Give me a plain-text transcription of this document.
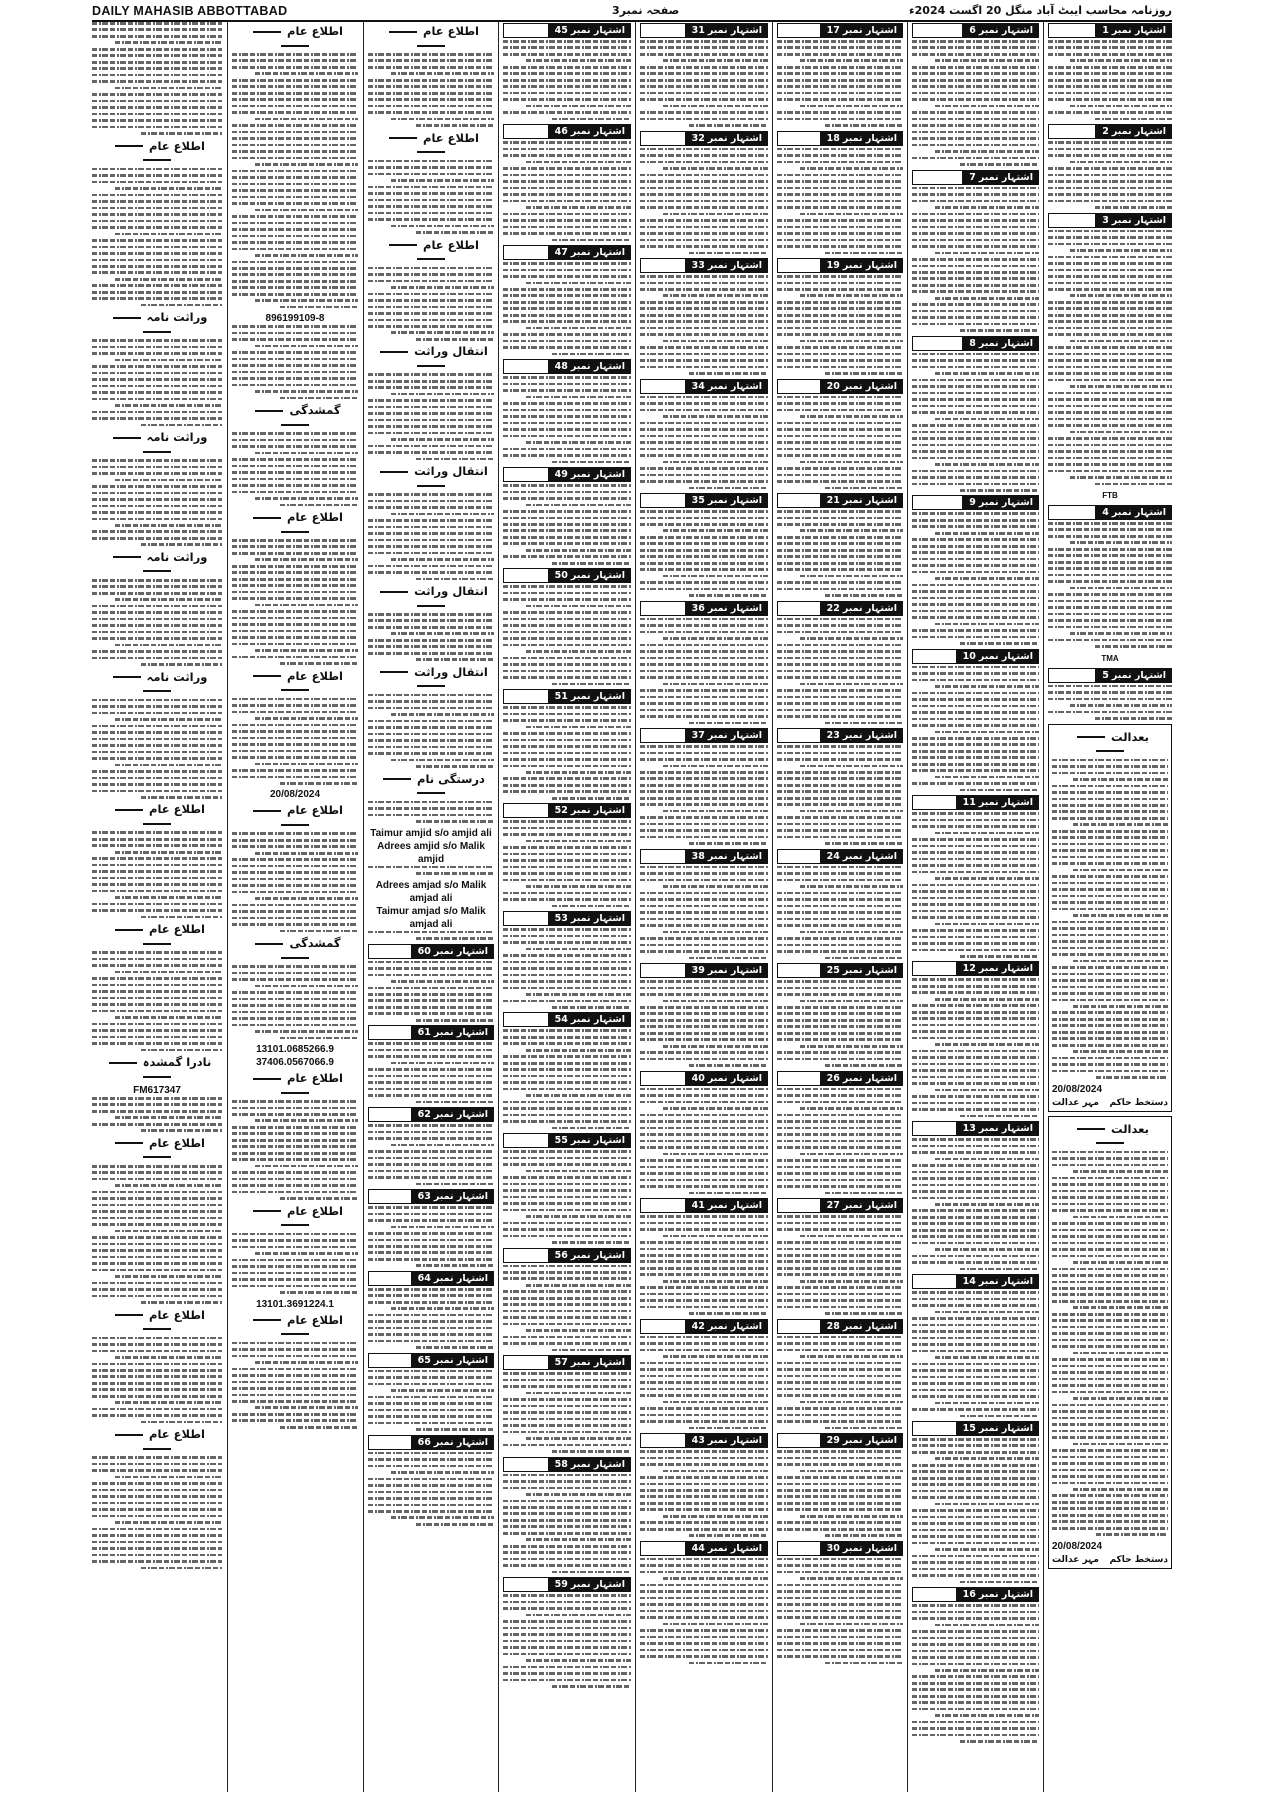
DAILY MAHASIB ABBOTTABAD	صفحہ نمبر3	روزنامہ محاسب ایبٹ آباد منگل 20 اگست 2024ء
اطلاع عام
وراثت نامہ
وراثت نامہ
وراثت نامہ
وراثت نامہ
اطلاع عام
اطلاع عام
نادرا گمشدہ
FM617347
اطلاع عام
اطلاع عام
اطلاع عام
اطلاع عام
896199109-8
گمشدگی
اطلاع عام
اطلاع عام
20/08/2024
اطلاع عام
گمشدگی
13101.0685266.9
37406.0567066.9
اطلاع عام
اطلاع عام
13101.3691224.1
اطلاع عام
اطلاع عام
اطلاع عام
اطلاع عام
انتقال وراثت
انتقال وراثت
انتقال وراثت
انتقال وراثت
درستگی نام
Taimur amjid s/o amjid ali
Adrees amjid s/o Malik amjid
Adrees amjad s/o Malik amjad ali
Taimur amjad s/o Malik amjad ali
60 اشتہار نمبر
61 اشتہار نمبر
62 اشتہار نمبر
63 اشتہار نمبر
64 اشتہار نمبر
65 اشتہار نمبر
66 اشتہار نمبر
45 اشتہار نمبر
46 اشتہار نمبر
47 اشتہار نمبر
48 اشتہار نمبر
49 اشتہار نمبر
50 اشتہار نمبر
51 اشتہار نمبر
52 اشتہار نمبر
53 اشتہار نمبر
54 اشتہار نمبر
55 اشتہار نمبر
56 اشتہار نمبر
57 اشتہار نمبر
58 اشتہار نمبر
59 اشتہار نمبر
31 اشتہار نمبر
32 اشتہار نمبر
33 اشتہار نمبر
34 اشتہار نمبر
35 اشتہار نمبر
36 اشتہار نمبر
37 اشتہار نمبر
38 اشتہار نمبر
39 اشتہار نمبر
40 اشتہار نمبر
41 اشتہار نمبر
42 اشتہار نمبر
43 اشتہار نمبر
44 اشتہار نمبر
17 اشتہار نمبر
18 اشتہار نمبر
19 اشتہار نمبر
20 اشتہار نمبر
21 اشتہار نمبر
22 اشتہار نمبر
23 اشتہار نمبر
24 اشتہار نمبر
25 اشتہار نمبر
26 اشتہار نمبر
27 اشتہار نمبر
28 اشتہار نمبر
29 اشتہار نمبر
30 اشتہار نمبر
6 اشتہار نمبر
7 اشتہار نمبر
8 اشتہار نمبر
9 اشتہار نمبر
10 اشتہار نمبر
11 اشتہار نمبر
12 اشتہار نمبر
13 اشتہار نمبر
14 اشتہار نمبر
15 اشتہار نمبر
16 اشتہار نمبر
1 اشتہار نمبر
2 اشتہار نمبر
3 اشتہار نمبر
FTB
4 اشتہار نمبر
TMA
5 اشتہار نمبر
بعدالت
20/08/2024
مہر عدالت دستخط حاکم
بعدالت
20/08/2024
مہر عدالت دستخط حاکم
